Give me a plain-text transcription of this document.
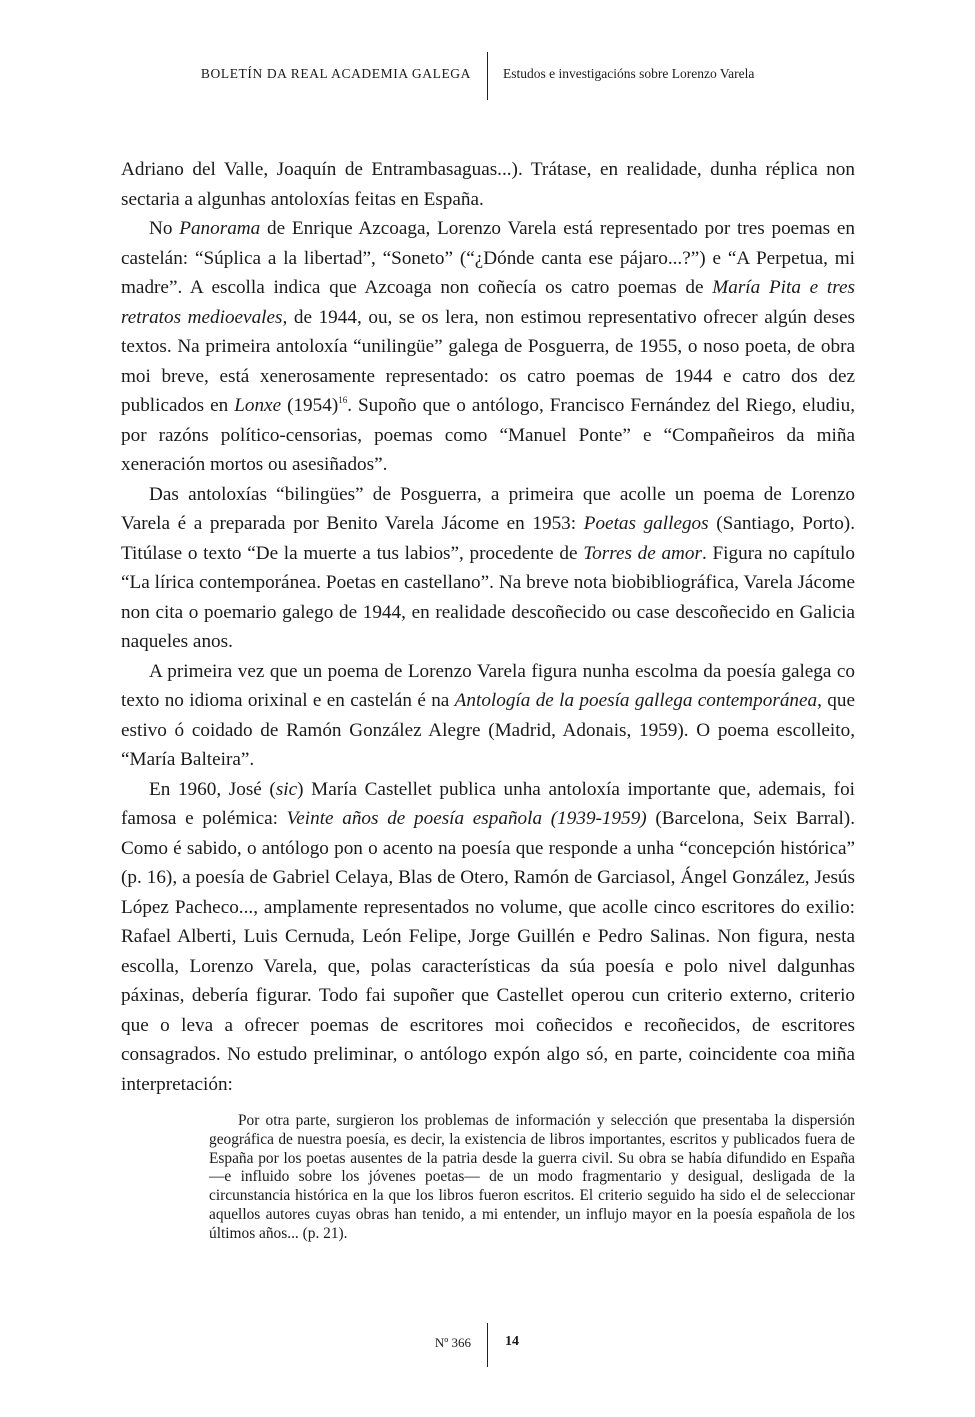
BOLETÍN DA REAL ACADEMIA GALEGA Estudos e investigacións sobre Lorenzo Varela

Adriano del Valle, Joaquín de Entrambasaguas...). Trátase, en realidade, dunha réplica non sectaria a algunhas antoloxías feitas en España.

No Panorama de Enrique Azcoaga, Lorenzo Varela está representado por tres poemas en castelán: “Súplica a la libertad”, “Soneto” (“¿Dónde canta ese pájaro...?”) e “A Perpetua, mi madre”. A escolla indica que Azcoaga non coñecía os catro poemas de María Pita e tres retratos medioevales, de 1944, ou, se os lera, non estimou representativo ofrecer algún deses textos. Na primeira antoloxía “unilingüe” galega de Posguerra, de 1955, o noso poeta, de obra moi breve, está xenerosamente representado: os catro poemas de 1944 e catro dos dez publicados en Lonxe $(1954)^{16}$. Supoño que o antólogo, Francisco Fernández del Riego, eludiu, por razóns político-censorias, poemas como “Manuel Ponte” e “Compañeiros da miña xeneración mortos ou asesiñados”.

Das antoloxías “bilingües” de Posguerra, a primeira que acolle un poema de Lorenzo Varela é a preparada por Benito Varela Jácome en 1953: Poetas gallegos (Santiago, Porto). Titúlase o texto “De la muerte a tus labios”, procedente de Torres de amor. Figura no capítulo “La lírica contemporánea. Poetas en castellano”. Na breve nota biobibliográfica, Varela Jácome non cita o poemario galego de 1944, en realidade descoñecido ou case descoñecido en Galicia naqueles anos.

A primeira vez que un poema de Lorenzo Varela figura nunha escolma da poesía galega co texto no idioma orixinal e en castelán é na Antología de la poesía gallega contemporánea, que estivo ó coidado de Ramón González Alegre (Madrid, Adonais, 1959). O poema escolleito, “María Balteira”.

En 1960, José (sic) María Castellet publica unha antoloxía importante que, ademais, foi famosa e polémica: Veinte años de poesía española (1939-1959) (Barcelona, Seix Barral). Como é sabido, o antólogo pon o acento na poesía que responde a unha “concepción histórica” (p. 16), a poesía de Gabriel Celaya, Blas de Otero, Ramón de Garciasol, Ángel González, Jesús López Pacheco..., amplamente representados no volume, que acolle cinco escritores do exilio: Rafael Alberti, Luis Cernuda, León Felipe, Jorge Guillén e Pedro Salinas. Non figura, nesta escolla, Lorenzo Varela, que, polas características da súa poesía e polo nivel dalgunhas páxinas, debería figurar. Todo fai supoñer que Castellet operou cun criterio externo, criterio que o leva a ofrecer poemas de escritores moi coñecidos e recoñecidos, de escritores consagrados. No estudo preliminar, o antólogo expón algo só, en parte, coincidente coa miña interpretación:

Por otra parte, surgieron los problemas de información y selección que presentaba la dispersión geográfica de nuestra poesía, es decir, la existencia de libros importantes, escritos y publicados fuera de España por los poetas ausentes de la patria desde la guerra civil. Su obra se había difundido en España —e influido sobre los jóvenes poetas— de un modo fragmentario y desigual, desligada de la circunstancia histórica en la que los libros fueron escritos. El criterio seguido ha sido el de seleccionar aquellos autores cuyas obras han tenido, a mi entender, un influjo mayor en la poesía española de los últimos años... (p. 21).

Nº 366 14
